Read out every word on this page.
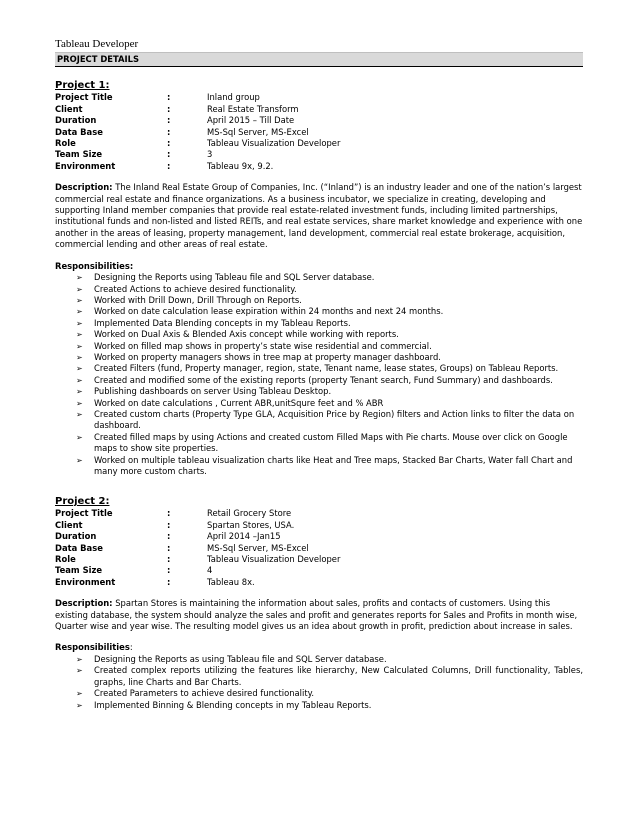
Tableau Developer
PROJECT DETAILS
Project 1:
Project Title	:	Inland group
Client	:	Real Estate Transform
Duration	:	April 2015 – Till Date
Data Base	:	MS-Sql Server, MS-Excel
Role	:	Tableau Visualization Developer
Team Size	:	3
Environment	:	Tableau 9x, 9.2.
Description: The Inland Real Estate Group of Companies, Inc. (“Inland”) is an industry leader and one of the nation’s largest commercial real estate and finance organizations. As a business incubator, we specialize in creating, developing and supporting Inland member companies that provide real estate-related investment funds, including limited partnerships, institutional funds and non-listed and listed REITs, and real estate services, share market knowledge and experience with one another in the areas of leasing, property management, land development, commercial real estate brokerage, acquisition, commercial lending and other areas of real estate.
Responsibilities:
➢ Designing the Reports using Tableau file and SQL Server database.
➢ Created Actions to achieve desired functionality.
➢ Worked with Drill Down, Drill Through on Reports.
➢ Worked on date calculation lease expiration within 24 months and next 24 months.
➢ Implemented Data Blending concepts in my Tableau Reports.
➢ Worked on Dual Axis & Blended Axis concept while working with reports.
➢ Worked on filled map shows in property’s state wise residential and commercial.
➢ Worked on property managers shows in tree map at property manager dashboard.
➢ Created Filters (fund, Property manager, region, state, Tenant name, lease states, Groups) on Tableau Reports.
➢ Created and modified some of the existing reports (property Tenant search, Fund Summary) and dashboards.
➢ Publishing dashboards on server Using Tableau Desktop.
➢ Worked on date calculations , Current ABR,unitSqure feet and % ABR
➢ Created custom charts (Property Type GLA, Acquisition Price by Region) filters and Action links to filter the data on dashboard.
➢ Created filled maps by using Actions and created custom Filled Maps with Pie charts. Mouse over click on Google maps to show site properties.
➢ Worked on multiple tableau visualization charts like Heat and Tree maps, Stacked Bar Charts, Water fall Chart and many more custom charts.
Project 2:
Project Title	:	Retail Grocery Store
Client	:	Spartan Stores, USA.
Duration	:	April 2014 –Jan15
Data Base	:	MS-Sql Server, MS-Excel
Role	:	Tableau Visualization Developer
Team Size	:	4
Environment	:	Tableau 8x.
Description: Spartan Stores is maintaining the information about sales, profits and contacts of customers. Using this existing database, the system should analyze the sales and profit and generates reports for Sales and Profits in month wise, Quarter wise and year wise. The resulting model gives us an idea about growth in profit, prediction about increase in sales.
Responsibilities:
➢ Designing the Reports as using Tableau file and SQL Server database.
➢ Created complex reports utilizing the features like hierarchy, New Calculated Columns, Drill functionality, Tables, graphs, line Charts and Bar Charts.
➢ Created Parameters to achieve desired functionality.
➢ Implemented Binning & Blending concepts in my Tableau Reports.
